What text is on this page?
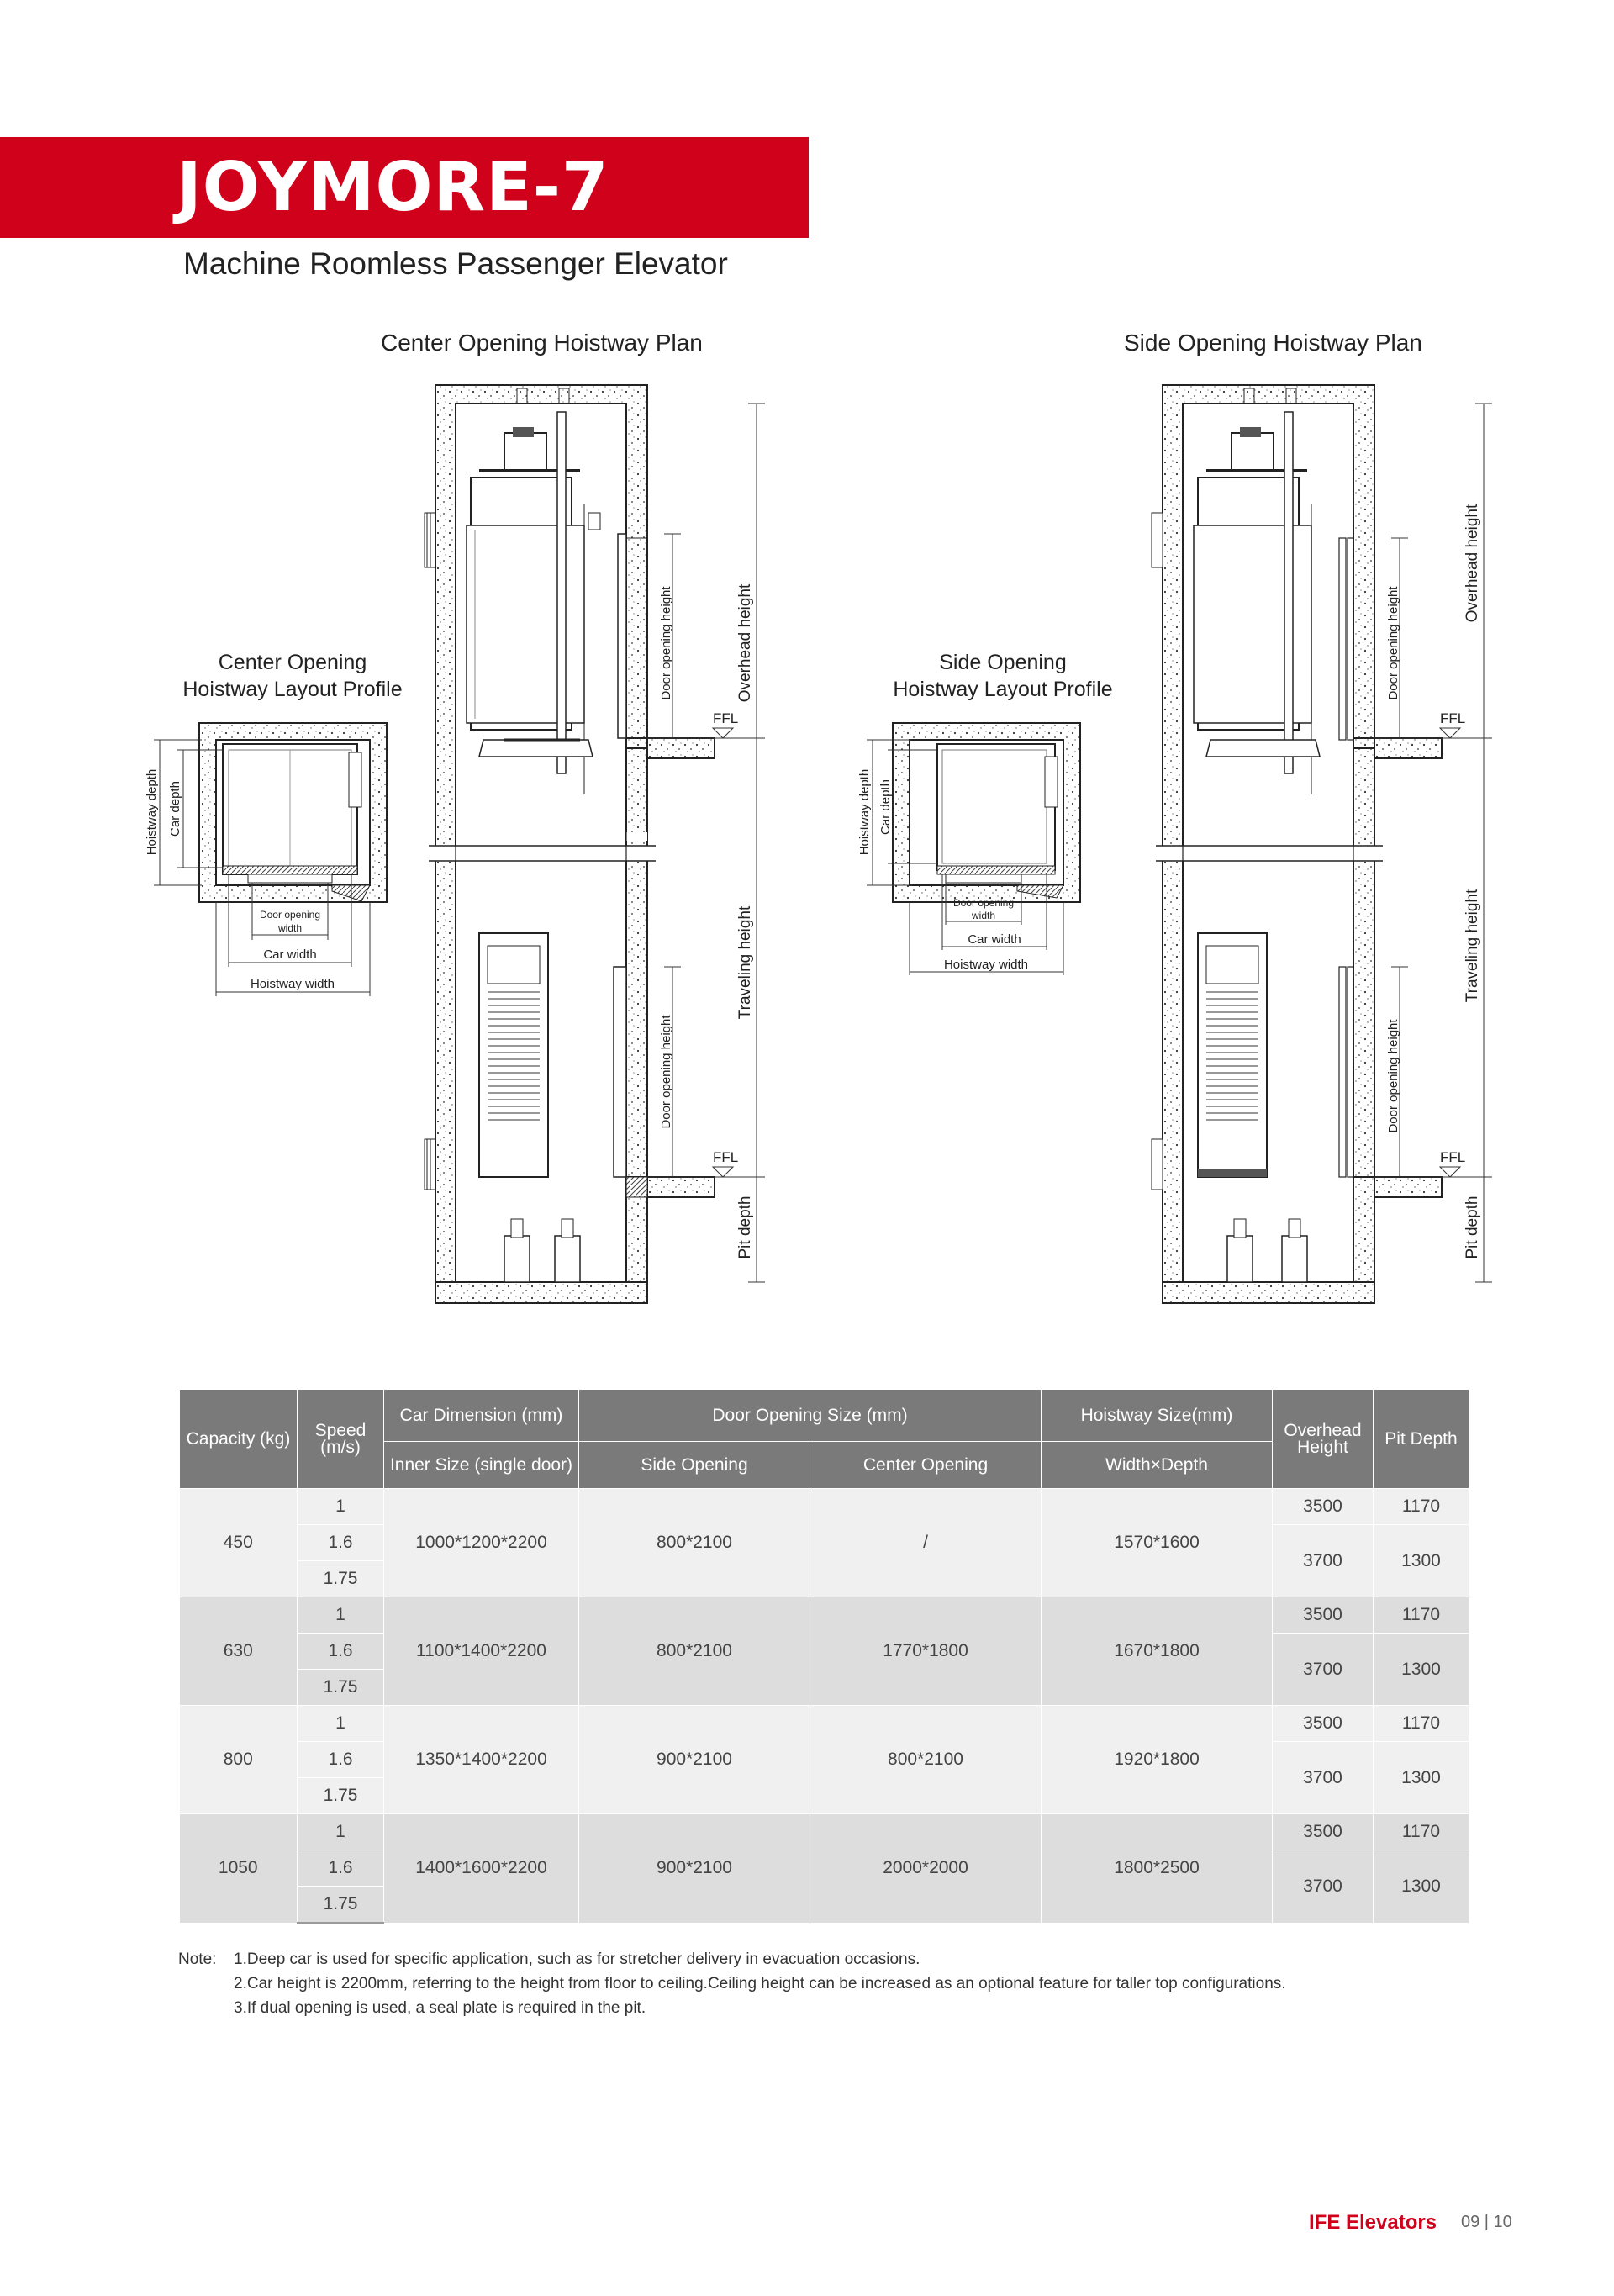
JOYMORE-7
Machine Roomless Passenger Elevator
Center Opening Hoistway Plan	Side Opening Hoistway Plan
Center Opening
Hoistway Layout Profile
Side Opening
Hoistway Layout Profile
FFL
FFL
Overhead height
Door opening height
Traveling height
Door opening height
Pit depth
FFL
FFL
Overhead height
Door opening height
Traveling height
Door opening height
Pit depth
Hoistway depth Car depth
Door opening
width
Car width
Hoistway width
Hoistway depth Car depth
Door opening
width
Car width
Hoistway width
Capacity (kg)	Speed (m/s)	Car Dimension (mm)	Door Opening Size (mm)		Hoistway Size(mm)	Overhead Height	Pit Depth
		Inner Size (single door)	Side Opening	Center Opening	Width×Depth		
450	1	1000*1200*2200	800*2100	/	1570*1600	3500	1170
	1.6					3700	1300
	1.75						
630	1	1100*1400*2200	800*2100	1770*1800	1670*1800	3500	1170
	1.6					3700	1300
	1.75						
800	1	1350*1400*2200	900*2100	800*2100	1920*1800	3500	1170
	1.6					3700	1300
	1.75						
1050	1	1400*1600*2200	900*2100	2000*2000	1800*2500	3500	1170
	1.6					3700	1300
	1.75						
Note: 1.Deep car is used for specific application, such as for stretcher delivery in evacuation occasions.
2.Car height is 2200mm, referring to the height from floor to ceiling.Ceiling height can be increased as an optional feature for taller top configurations.
3.If dual opening is used, a seal plate is required in the pit.
IFE Elevators 09 | 10
